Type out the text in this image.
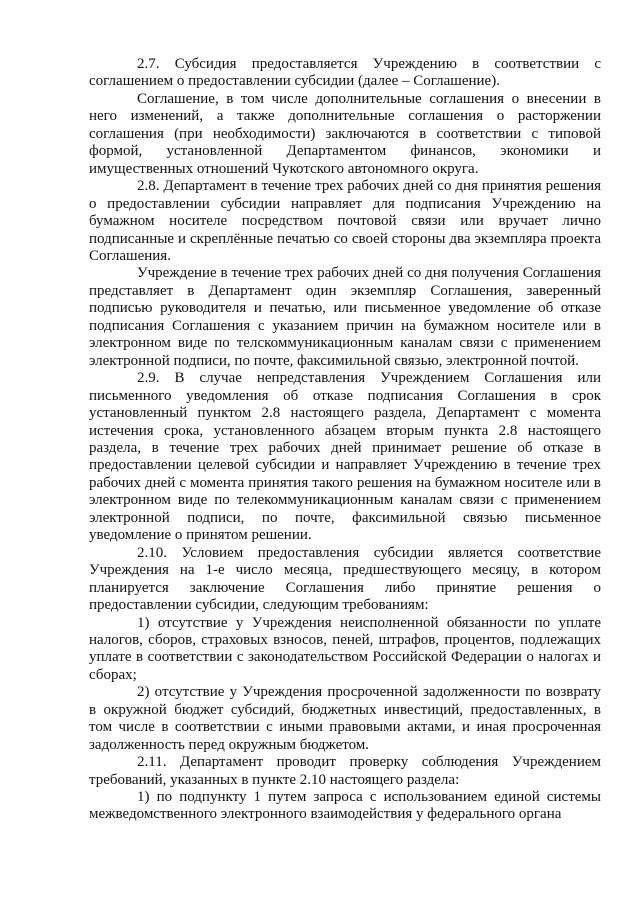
2.7. Субсидия предоставляется Учреждению в соответствии с соглашением о предоставлении субсидии (далее – Соглашение).

Соглашение, в том числе дополнительные соглашения о внесении в него изменений, а также дополнительные соглашения о расторжении соглашения (при необходимости) заключаются в соответствии с типовой формой, установленной Департаментом финансов, экономики и имущественных отношений Чукотского автономного округа.

2.8. Департамент в течение трех рабочих дней со дня принятия решения о предоставлении субсидии направляет для подписания Учреждению на бумажном носителе посредством почтовой связи или вручает лично подписанные и скреплённые печатью со своей стороны два экземпляра проекта Соглашения.

Учреждение в течение трех рабочих дней со дня получения Соглашения представляет в Департамент один экземпляр Соглашения, заверенный подписью руководителя и печатью, или письменное уведомление об отказе подписания Соглашения с указанием причин на бумажном носителе или в электронном виде по телскоммуникационным каналам связи с применением электронной подписи, по почте, факсимильной связью, электронной почтой.

2.9. В случае непредставления Учреждением Соглашения или письменного уведомления об отказе подписания Соглашения в срок установленный пунктом 2.8 настоящего раздела, Департамент с момента истечения срока, установленного абзацем вторым пункта 2.8 настоящего раздела, в течение трех рабочих дней принимает решение об отказе в предоставлении целевой субсидии и направляет Учреждению в течение трех рабочих дней с момента принятия такого решения на бумажном носителе или в электронном виде по телекоммуникационным каналам связи с применением электронной подписи, по почте, факсимильной связью письменное уведомление о принятом решении.

2.10. Условием предоставления субсидии является соответствие Учреждения на 1-е число месяца, предшествующего месяцу, в котором планируется заключение Соглашения либо принятие решения о предоставлении субсидии, следующим требованиям:

1) отсутствие у Учреждения неисполненной обязанности по уплате налогов, сборов, страховых взносов, пеней, штрафов, процентов, подлежащих уплате в соответствии с законодательством Российской Федерации о налогах и сборах;

2) отсутствие у Учреждения просроченной задолженности по возврату в окружной бюджет субсидий, бюджетных инвестиций, предоставленных, в том числе в соответствии с иными правовыми актами, и иная просроченная задолженность перед окружным бюджетом.

2.11. Департамент проводит проверку соблюдения Учреждением требований, указанных в пункте 2.10 настоящего раздела:

1) по подпункту 1 путем запроса с использованием единой системы межведомственного электронного взаимодействия у федерального органа
